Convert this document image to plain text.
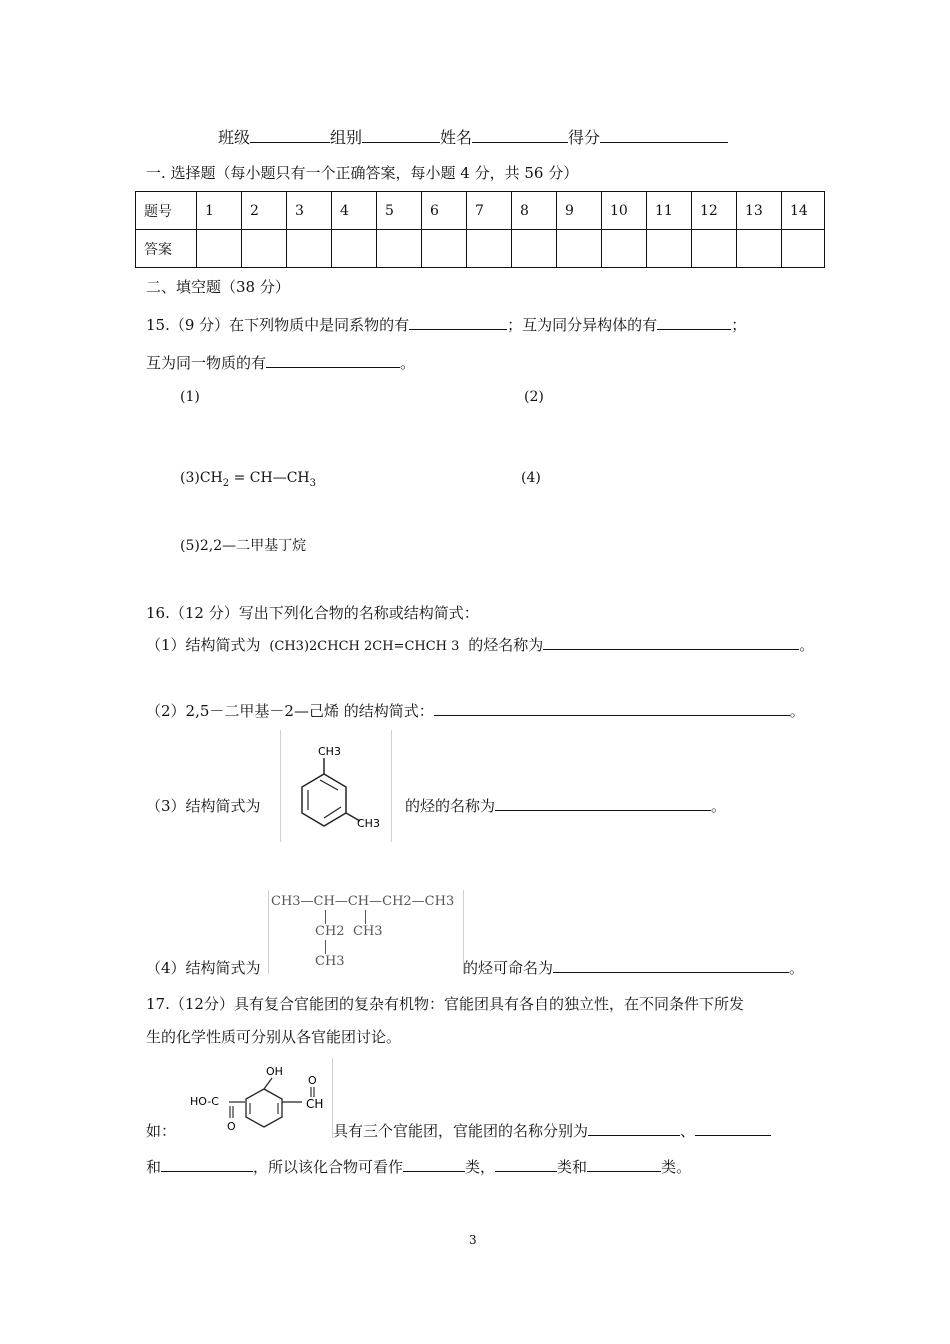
班级	组别	姓名	得分
一. 选择题（每小题只有一个正确答案，每小题 4 分，共 56 分）
题号	1	2	3	4	5	6	7	8	9	10	11	12	13	14
答案														
二、填空题（38 分）
15.（9 分）在下列物质中是同系物的有	；互为同分异构体的有	；
互为同一物质的有	。
(1)	(2)
$(3)CH_2$ = $CH—CH_3$	(4)
(5)2,2—二甲基丁烷
16.（12 分）写出下列化合物的名称或结构简式：
（1）结构简式为 (CH3)2CHCH 2CH=CHCH 3 的烃名称为	。
（2）2,5－二甲基－2—己烯 的结构简式：	。
（3）结构简式为
CH3
CH3
的烃的名称为	。
CH3—CH—CH—CH2—CH3
CH2 CH3
CH3
（4）结构简式为	的烃可命名为	。
17.（12分）具有复合官能团的复杂有机物：官能团具有各自的独立性，在不同条件下所发
生的化学性质可分别从各官能团讨论。
如：
HO-C
O
OH
CH
O
具有三个官能团，官能团的名称分别为	、
和	，所以该化合物可看作	类，	类和	类。
3
